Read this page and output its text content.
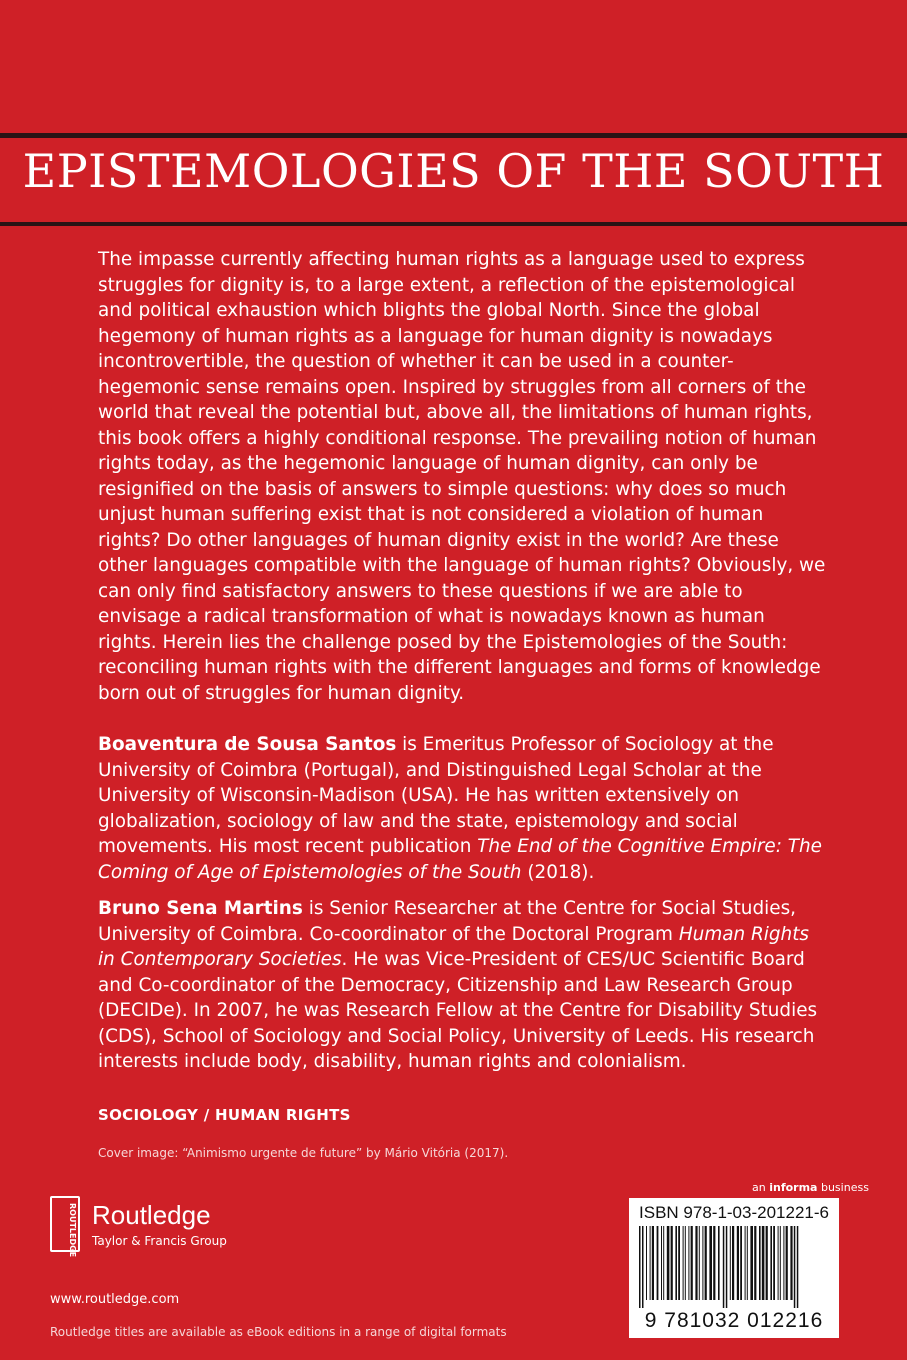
EPISTEMOLOGIES OF THE SOUTH

The impasse currently affecting human rights as a language used to express struggles for dignity is, to a large extent, a reflection of the epistemological and political exhaustion which blights the global North. Since the global hegemony of human rights as a language for human dignity is nowadays incontrovertible, the question of whether it can be used in a counter-hegemonic sense remains open. Inspired by struggles from all corners of the world that reveal the potential but, above all, the limitations of human rights, this book offers a highly conditional response. The prevailing notion of human rights today, as the hegemonic language of human dignity, can only be resignified on the basis of answers to simple questions: why does so much unjust human suffering exist that is not considered a violation of human rights? Do other languages of human dignity exist in the world? Are these other languages compatible with the language of human rights? Obviously, we can only find satisfactory answers to these questions if we are able to envisage a radical transformation of what is nowadays known as human rights. Herein lies the challenge posed by the Epistemologies of the South: reconciling human rights with the different languages and forms of knowledge born out of struggles for human dignity.

Boaventura de Sousa Santos is Emeritus Professor of Sociology at the University of Coimbra (Portugal), and Distinguished Legal Scholar at the University of Wisconsin-Madison (USA). He has written extensively on globalization, sociology of law and the state, epistemology and social movements. His most recent publication The End of the Cognitive Empire: The Coming of Age of Epistemologies of the South (2018).

Bruno Sena Martins is Senior Researcher at the Centre for Social Studies, University of Coimbra. Co-coordinator of the Doctoral Program Human Rights in Contemporary Societies. He was Vice-President of CES/UC Scientific Board and Co-coordinator of the Democracy, Citizenship and Law Research Group (DECIDe). In 2007, he was Research Fellow at the Centre for Disability Studies (CDS), School of Sociology and Social Policy, University of Leeds. His research interests include body, disability, human rights and colonialism.

SOCIOLOGY / HUMAN RIGHTS
Cover image: “Animismo urgente de future” by Mário Vitória (2017).
ROUTLEDGE Routledge
Taylor & Francis Group
www.routledge.com
Routledge titles are available as eBook editions in a range of digital formats
an informa business
ISBN 978-1-03-201221-6
9 781032 012216
